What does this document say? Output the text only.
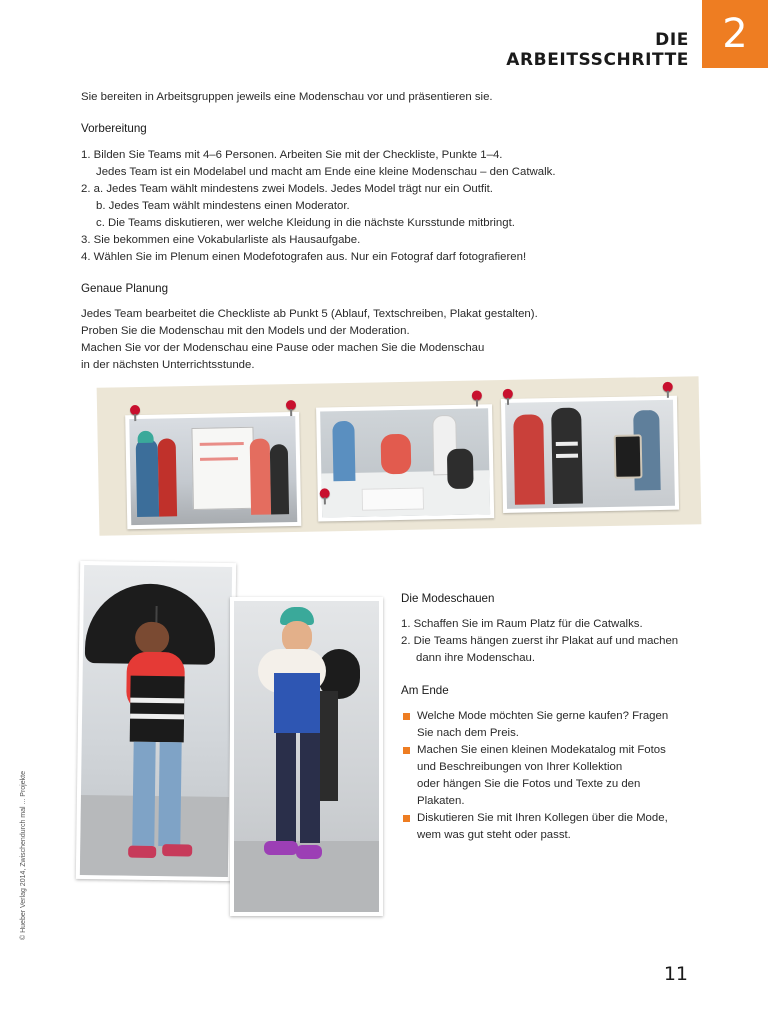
DIE ARBEITSSCHRITTE
2
Sie bereiten in Arbeitsgruppen jeweils eine Modenschau vor und präsentieren sie.
Vorbereitung
1. Bilden Sie Teams mit 4–6 Personen. Arbeiten Sie mit der Checkliste, Punkte 1–4.
Jedes Team ist ein Modelabel und macht am Ende eine kleine Modenschau – den Catwalk.
2. a. Jedes Team wählt mindestens zwei Models. Jedes Model trägt nur ein Outfit.
b. Jedes Team wählt mindestens einen Moderator.
c. Die Teams diskutieren, wer welche Kleidung in die nächste Kursstunde mitbringt.
3. Sie bekommen eine Vokabularliste als Hausaufgabe.
4. Wählen Sie im Plenum einen Modefotografen aus. Nur ein Fotograf darf fotografieren!
Genaue Planung
Jedes Team bearbeitet die Checkliste ab Punkt 5 (Ablauf, Textschreiben, Plakat gestalten).
Proben Sie die Modenschau mit den Models und der Moderation.
Machen Sie vor der Modenschau eine Pause oder machen Sie die Modenschau
in der nächsten Unterrichtsstunde.
Die Modeschauen
1. Schaffen Sie im Raum Platz für die Catwalks.
2. Die Teams hängen zuerst ihr Plakat auf und machen
dann ihre Modenschau.
Am Ende
Welche Mode möchten Sie gerne kaufen? Fragen
Sie nach dem Preis.
Machen Sie einen kleinen Modekatalog mit Fotos
und Beschreibungen von Ihrer Kollektion
oder hängen Sie die Fotos und Texte zu den
Plakaten.
Diskutieren Sie mit Ihren Kollegen über die Mode,
wem was gut steht oder passt.
© Hueber Verlag 2014, Zwischendurch mal ... Projekte
11
